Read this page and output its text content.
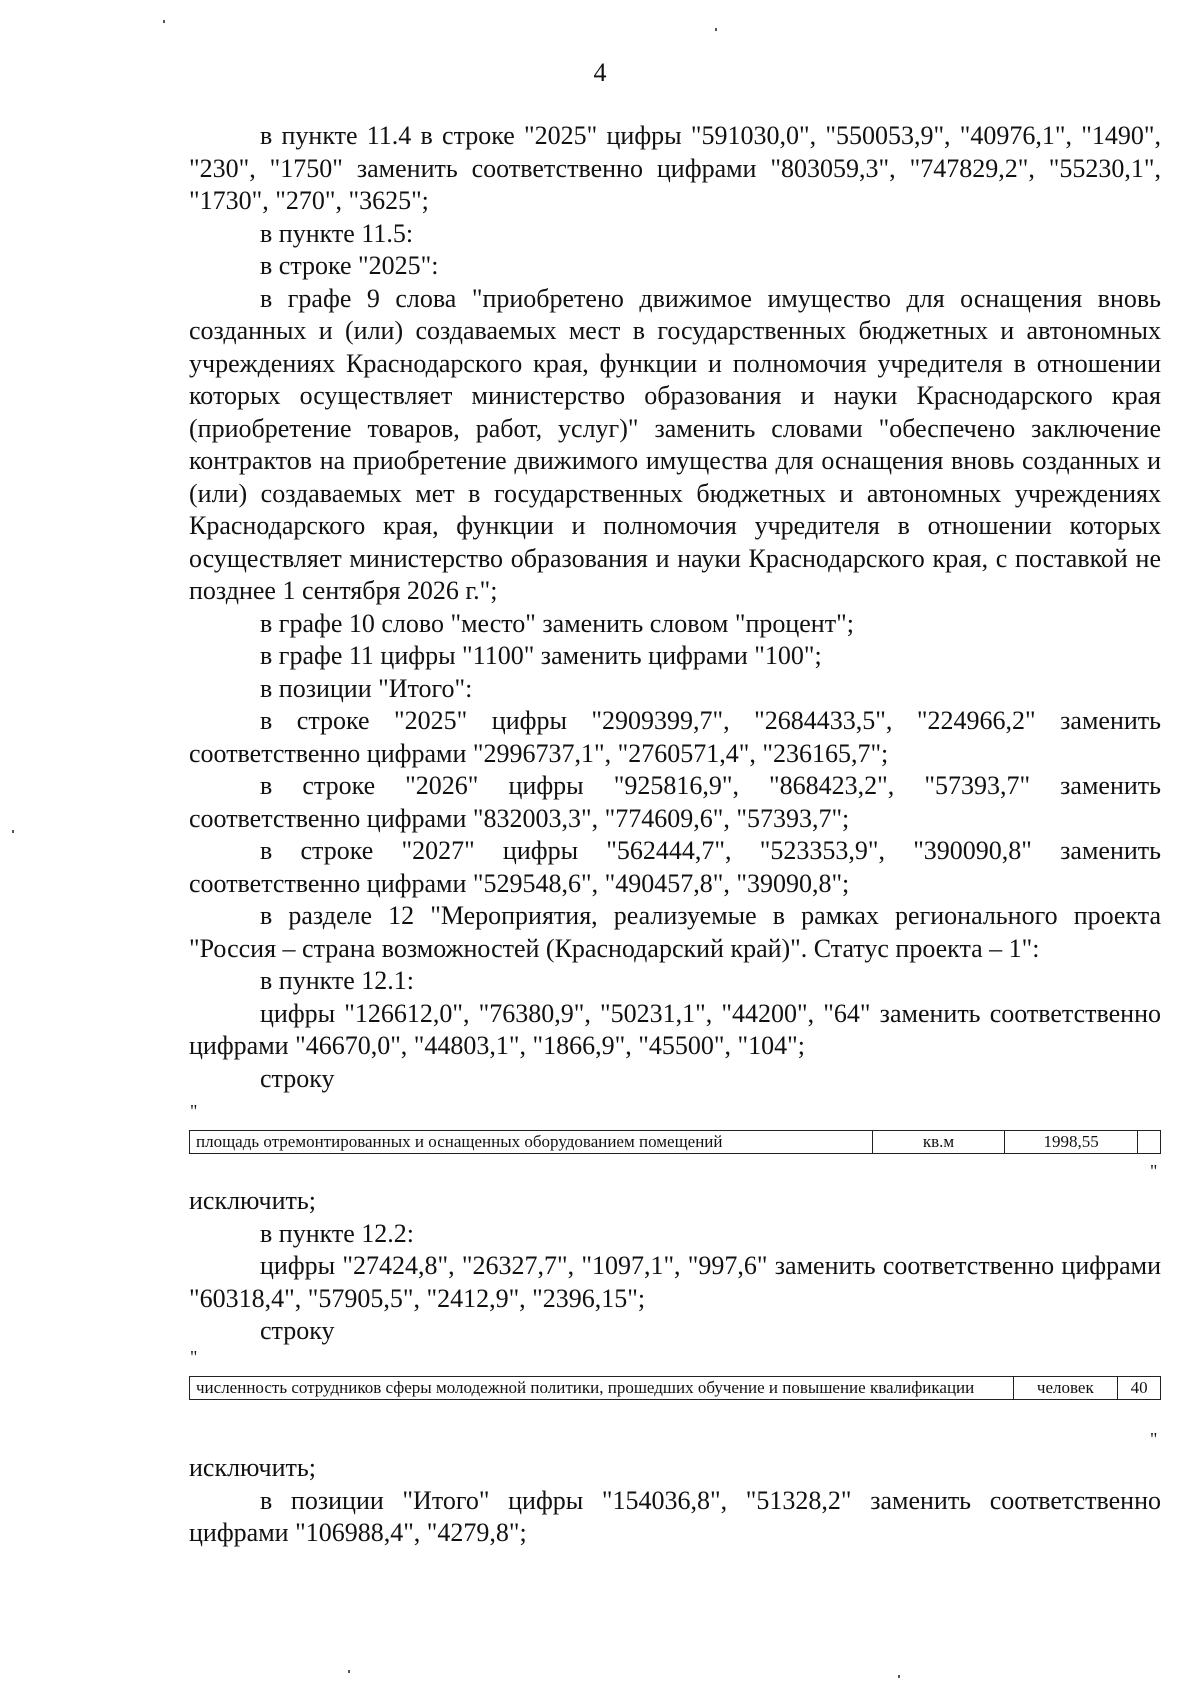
4

в пункте 11.4 в строке "2025" цифры "591030,0", "550053,9", "40976,1", "1490", "230", "1750" заменить соответственно цифрами "803059,3", "747829,2", "55230,1", "1730", "270", "3625";

в пункте 11.5:

в строке "2025":

в графе 9 слова "приобретено движимое имущество для оснащения вновь созданных и (или) создаваемых мест в государственных бюджетных и автономных учреждениях Краснодарского края, функции и полномочия учредителя в отношении которых осуществляет министерство образования и науки Краснодарского края (приобретение товаров, работ, услуг)" заменить словами "обеспечено заключение контрактов на приобретение движимого имущества для оснащения вновь созданных и (или) создаваемых мет в государственных бюджетных и автономных учреждениях Краснодарского края, функции и полномочия учредителя в отношении которых осуществляет министерство образования и науки Краснодарского края, с поставкой не позднее 1 сентября 2026 г.";

в графе 10 слово "место" заменить словом "процент";

в графе 11 цифры "1100" заменить цифрами "100";

в позиции "Итого":

в строке "2025" цифры "2909399,7", "2684433,5", "224966,2" заменить соответственно цифрами "2996737,1", "2760571,4", "236165,7";

в строке "2026" цифры "925816,9", "868423,2", "57393,7" заменить соответственно цифрами "832003,3", "774609,6", "57393,7";

в строке "2027" цифры "562444,7", "523353,9", "390090,8" заменить соответственно цифрами "529548,6", "490457,8", "39090,8";

в разделе 12 "Мероприятия, реализуемые в рамках регионального проекта "Россия – страна возможностей (Краснодарский край)". Статус проекта – 1":

в пункте 12.1:

цифры "126612,0", "76380,9", "50231,1", "44200", "64" заменить соответственно цифрами "46670,0", "44803,1", "1866,9", "45500", "104";

строку

"
площадь отремонтированных и оснащенных оборудованием помещений	кв.м	1998,55	
"

исключить;

в пункте 12.2:

цифры "27424,8", "26327,7", "1097,1", "997,6" заменить соответственно цифрами "60318,4", "57905,5", "2412,9", "2396,15";

строку

"
численность сотрудников сферы молодежной политики, прошедших обучение и повышение квалификации	человек	40
"

исключить;

в позиции "Итого" цифры "154036,8", "51328,2" заменить соответственно цифрами "106988,4", "4279,8";
